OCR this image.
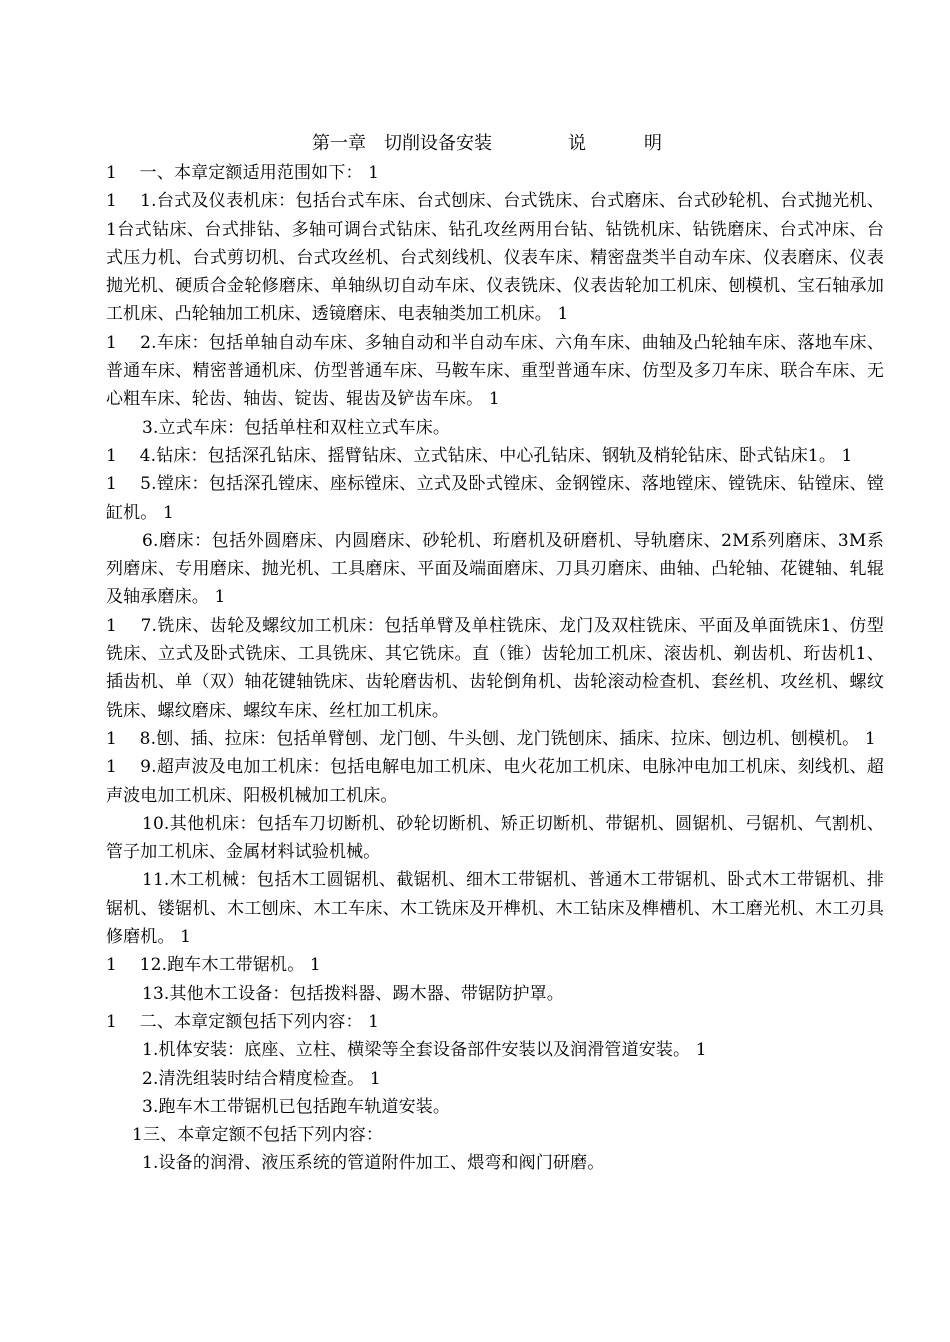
第一章　切削设备安装	说	明

1　 一、本章定额适用范围如下： 1

1　 1.台式及仪表机床：包括台式车床、台式刨床、台式铣床、台式磨床、台式砂轮机、台式抛光机、1台式钻床、台式排钻、多轴可调台式钻床、钻孔攻丝两用台钻、钻铣机床、钻铣磨床、台式冲床、台式压力机、台式剪切机、台式攻丝机、台式刻线机、仪表车床、精密盘类半自动车床、仪表磨床、仪表抛光机、硬质合金轮修磨床、单轴纵切自动车床、仪表铣床、仪表齿轮加工机床、刨模机、宝石轴承加工机床、凸轮轴加工机床、透镜磨床、电表轴类加工机床。 1

1　 2.车床：包括单轴自动车床、多轴自动和半自动车床、六角车床、曲轴及凸轮轴车床、落地车床、普通车床、精密普通机床、仿型普通车床、马鞍车床、重型普通车床、仿型及多刀车床、联合车床、无心粗车床、轮齿、轴齿、锭齿、辊齿及铲齿车床。 1

3.立式车床：包括单柱和双柱立式车床。

1　 4.钻床：包括深孔钻床、摇臂钻床、立式钻床、中心孔钻床、钢轨及梢轮钻床、卧式钻床1。 1

1　 5.镗床：包括深孔镗床、座标镗床、立式及卧式镗床、金钢镗床、落地镗床、镗铣床、钻镗床、镗缸机。 1

6.磨床：包括外圆磨床、内圆磨床、砂轮机、珩磨机及研磨机、导轨磨床、2M系列磨床、3M系列磨床、专用磨床、抛光机、工具磨床、平面及端面磨床、刀具刃磨床、曲轴、凸轮轴、花键轴、轧辊及轴承磨床。 1

1　 7.铣床、齿轮及螺纹加工机床：包括单臂及单柱铣床、龙门及双柱铣床、平面及单面铣床1、仿型铣床、立式及卧式铣床、工具铣床、其它铣床。直（锥）齿轮加工机床、滚齿机、剃齿机、珩齿机1、插齿机、单（双）轴花键轴铣床、齿轮磨齿机、齿轮倒角机、齿轮滚动检查机、套丝机、攻丝机、螺纹铣床、螺纹磨床、螺纹车床、丝杠加工机床。

1　 8.刨、插、拉床：包括单臂刨、龙门刨、牛头刨、龙门铣刨床、插床、拉床、刨边机、刨模机。 1

1　 9.超声波及电加工机床：包括电解电加工机床、电火花加工机床、电脉冲电加工机床、刻线机、超声波电加工机床、阳极机械加工机床。

10.其他机床：包括车刀切断机、砂轮切断机、矫正切断机、带锯机、圆锯机、弓锯机、气割机、管子加工机床、金属材料试验机械。

11.木工机械：包括木工圆锯机、截锯机、细木工带锯机、普通木工带锯机、卧式木工带锯机、排锯机、镂锯机、木工刨床、木工车床、木工铣床及开榫机、木工钻床及榫槽机、木工磨光机、木工刃具修磨机。 1

1　 12.跑车木工带锯机。 1

13.其他木工设备：包括拨料器、踢木器、带锯防护罩。

1　 二、本章定额包括下列内容： 1

1.机体安装：底座、立柱、横梁等全套设备部件安装以及润滑管道安装。 1

2.清洗组装时结合精度检查。 1

3.跑车木工带锯机已包括跑车轨道安装。

1三、本章定额不包括下列内容：

1.设备的润滑、液压系统的管道附件加工、煨弯和阀门研磨。
